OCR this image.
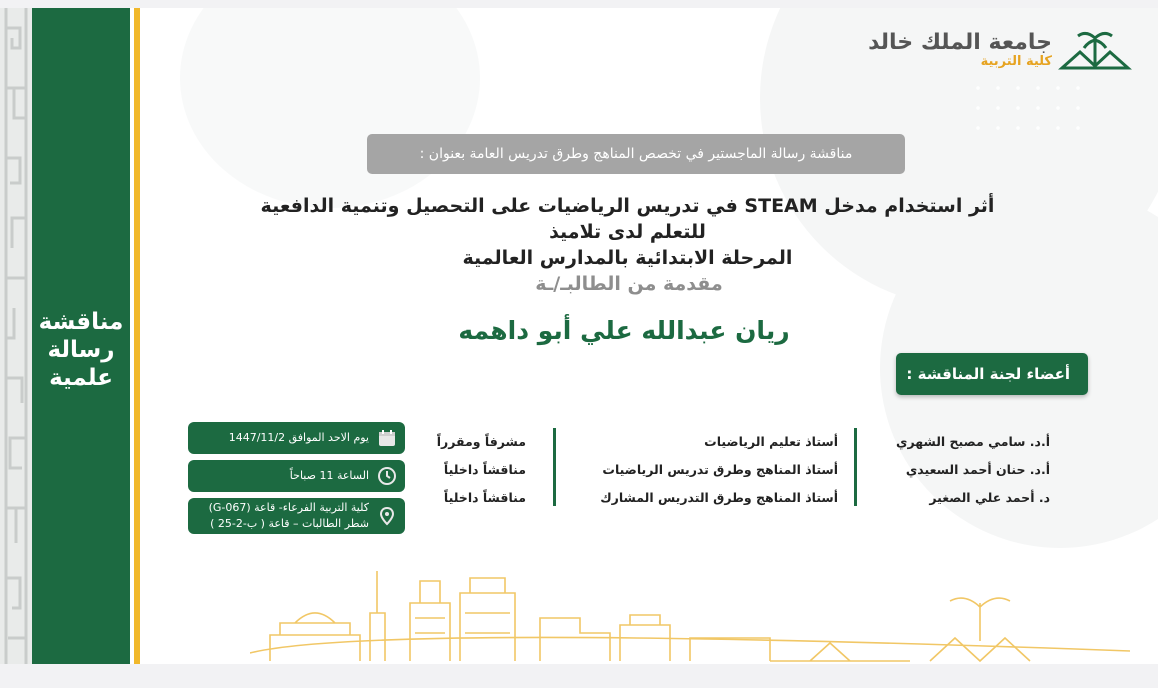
مناقشة
رسالة
علمية
جامعة الملك خالد
كلية التربية
مناقشة رسالة الماجستير في تخصص المناهج وطرق تدريس العامة بعنوان :
أثر استخدام مدخل STEAM في تدريس الرياضيات على التحصيل وتنمية الدافعية للتعلم لدى تلاميذ
المرحلة الابتدائية بالمدارس العالمية
مقدمة من الطالبـ/ـة
ريان عبدالله علي أبو داهمه
أعضاء لجنة المناقشة :
أ.د. سامي مصبح الشهري
أ.د. حنان أحمد السعيدي
د. أحمد علي الصغير
أستاذ تعليم الرياضيات
أستاذ المناهج وطرق تدريس الرياضيات
أستاذ المناهج وطرق التدريس المشارك
مشرفاً ومقرراً
مناقشاً داخلياً
مناقشاً داخلياً
يوم الاحد الموافق 1447/11/2
الساعة 11 صباحاً
كلية التربية الفرعاء- قاعة (G-067)
شطر الطالبات – قاعة ( ب-2-25 )
